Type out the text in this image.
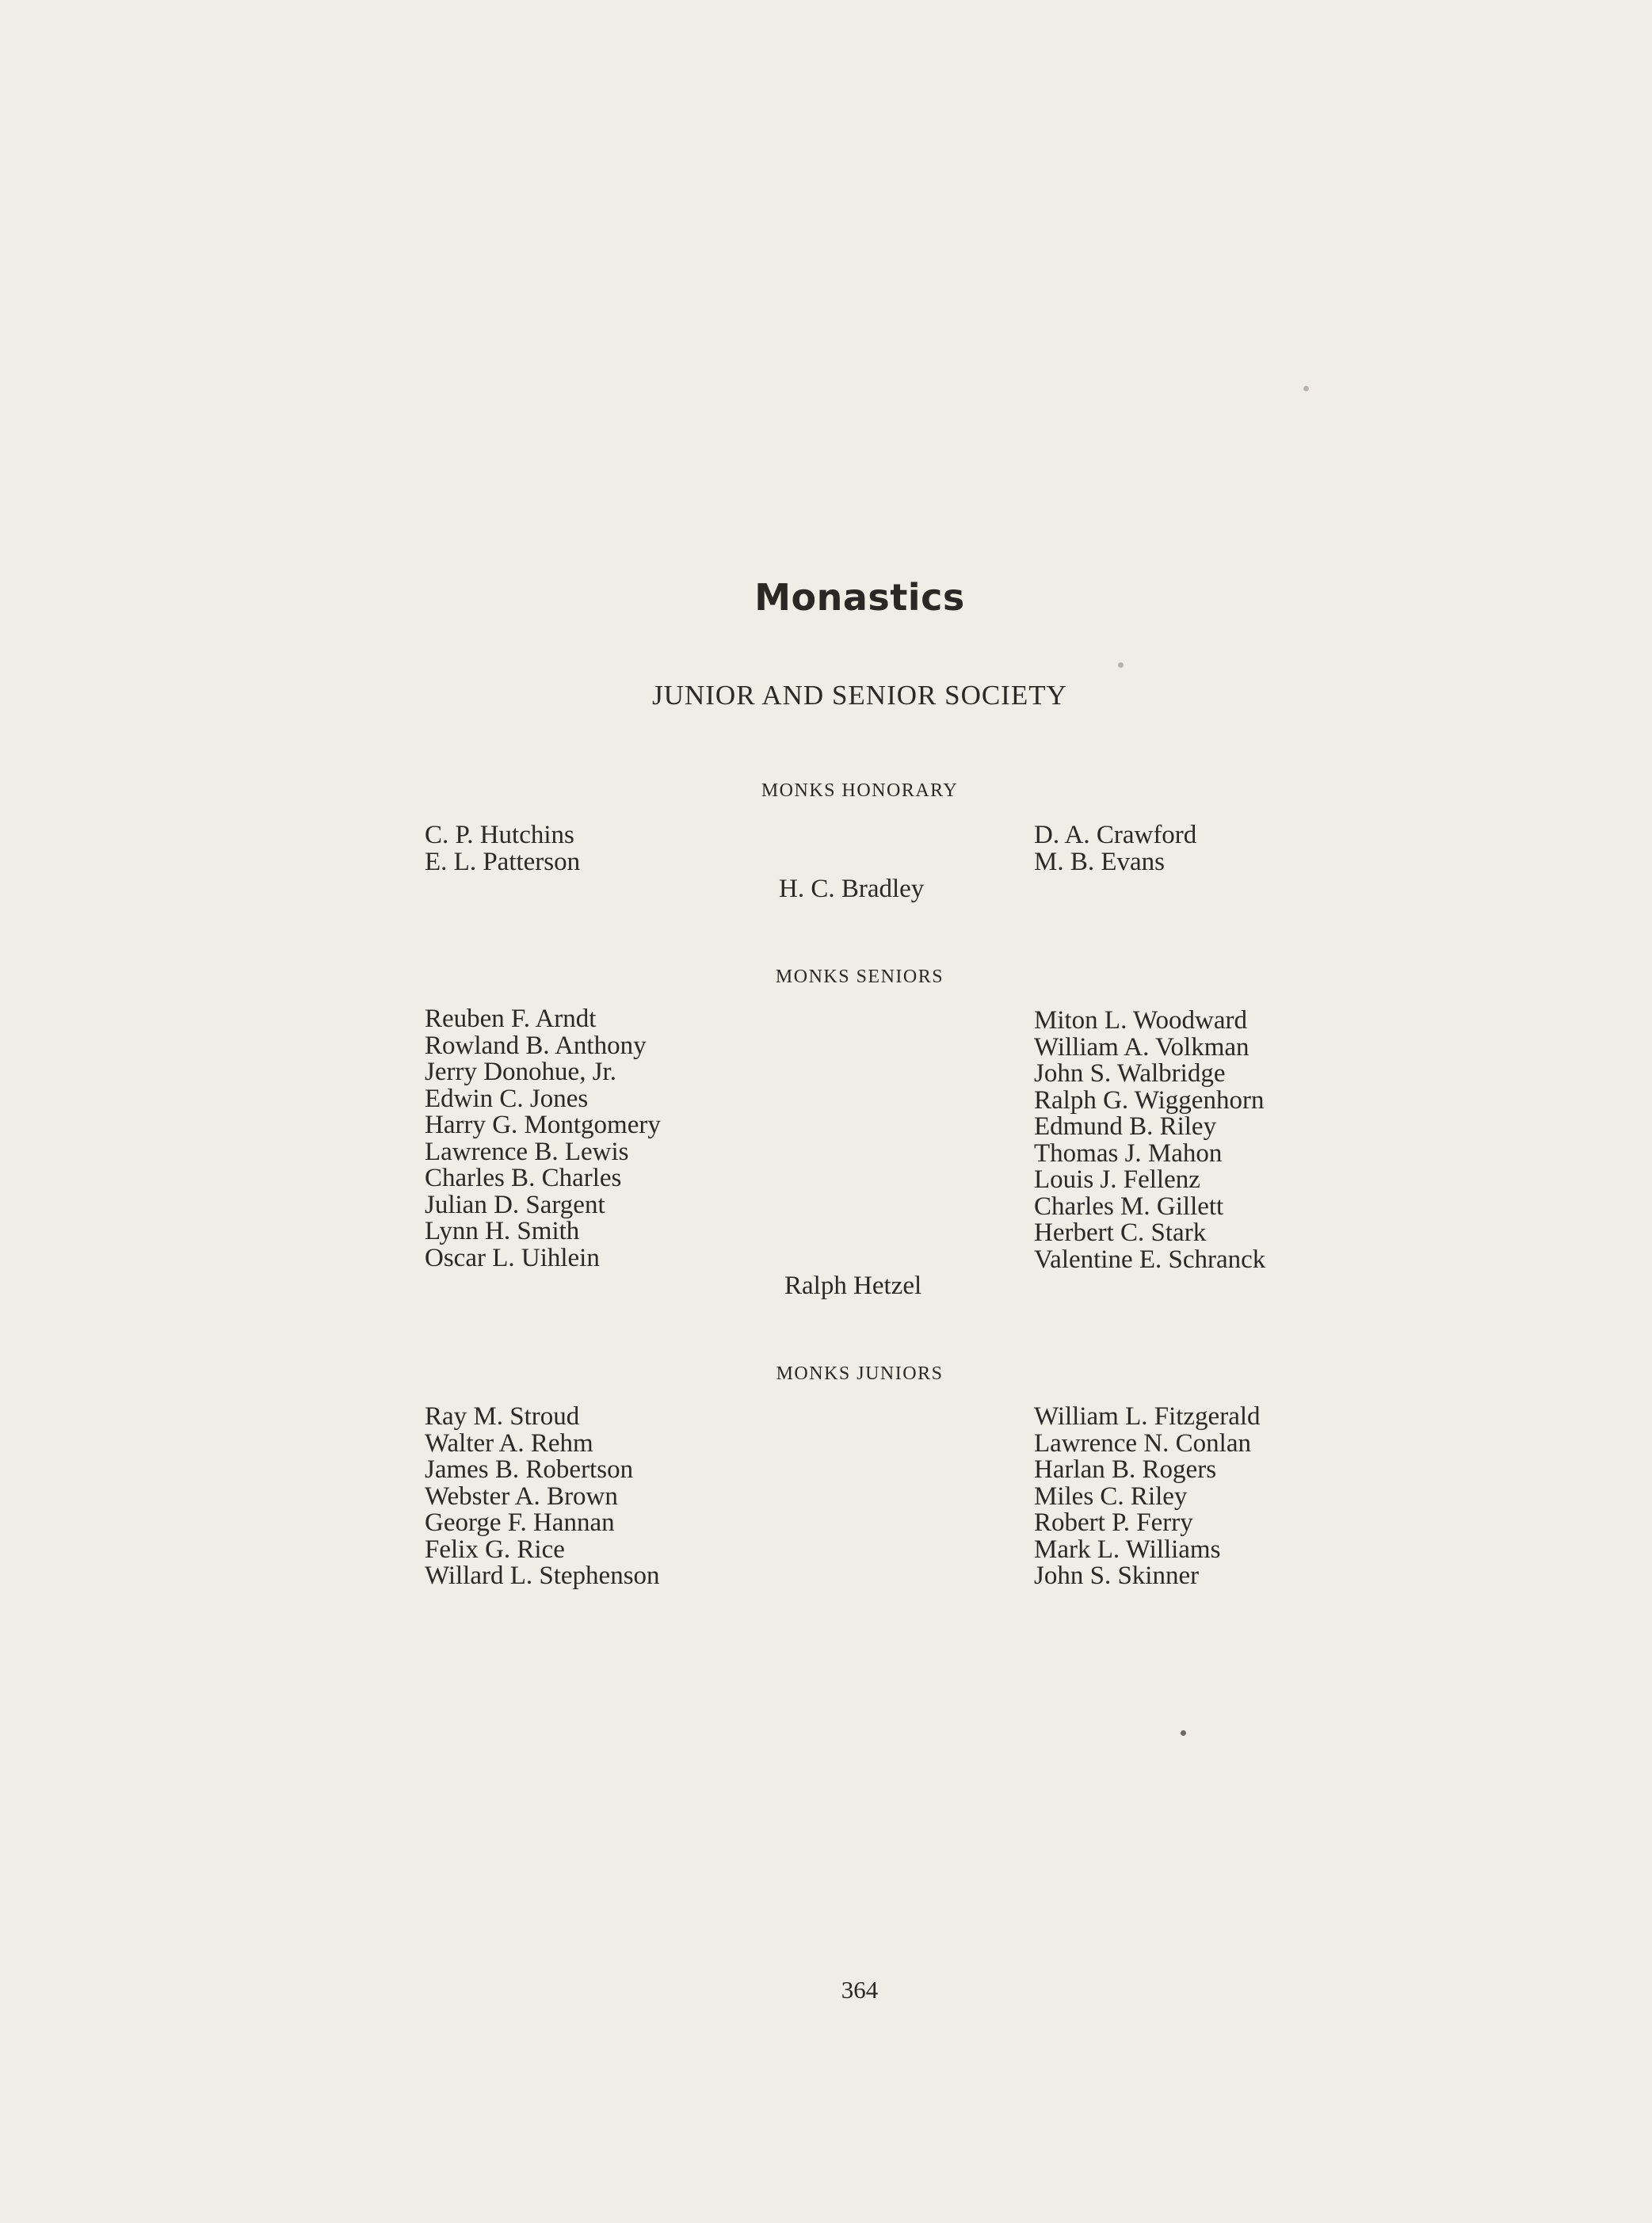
Monastics
JUNIOR AND SENIOR SOCIETY
MONKS HONORARY
C. P. Hutchins
E. L. Patterson
D. A. Crawford
M. B. Evans
H. C. Bradley
MONKS SENIORS
Reuben F. Arndt
Rowland B. Anthony
Jerry Donohue, Jr.
Edwin C. Jones
Harry G. Montgomery
Lawrence B. Lewis
Charles B. Charles
Julian D. Sargent
Lynn H. Smith
Oscar L. Uihlein
Miton L. Woodward
William A. Volkman
John S. Walbridge
Ralph G. Wiggenhorn
Edmund B. Riley
Thomas J. Mahon
Louis J. Fellenz
Charles M. Gillett
Herbert C. Stark
Valentine E. Schranck
Ralph Hetzel
MONKS JUNIORS
Ray M. Stroud
Walter A. Rehm
James B. Robertson
Webster A. Brown
George F. Hannan
Felix G. Rice
Willard L. Stephenson
William L. Fitzgerald
Lawrence N. Conlan
Harlan B. Rogers
Miles C. Riley
Robert P. Ferry
Mark L. Williams
John S. Skinner
364
